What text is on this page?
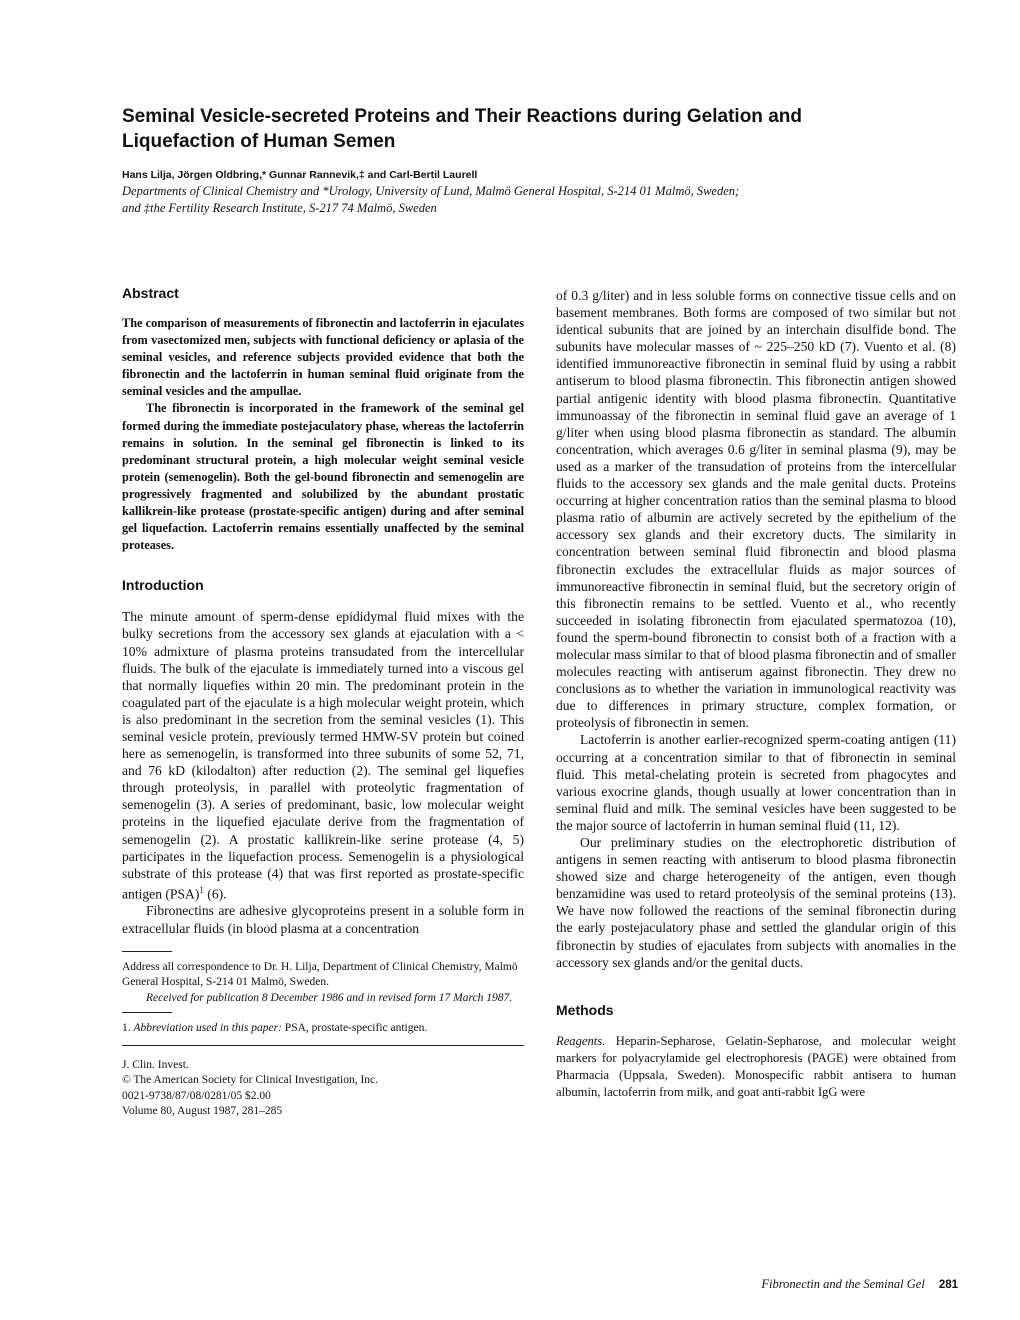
Seminal Vesicle-secreted Proteins and Their Reactions during Gelation and Liquefaction of Human Semen

Hans Lilja, Jörgen Oldbring,* Gunnar Rannevik,‡ and Carl-Bertil Laurell

Departments of Clinical Chemistry and *Urology, University of Lund, Malmö General Hospital, S-214 01 Malmö, Sweden;
and ‡the Fertility Research Institute, S-217 74 Malmö, Sweden

Abstract

The comparison of measurements of fibronectin and lactoferrin in ejaculates from vasectomized men, subjects with functional deficiency or aplasia of the seminal vesicles, and reference subjects provided evidence that both the fibronectin and the lactoferrin in human seminal fluid originate from the seminal vesicles and the ampullae.

The fibronectin is incorporated in the framework of the seminal gel formed during the immediate postejaculatory phase, whereas the lactoferrin remains in solution. In the seminal gel fibronectin is linked to its predominant structural protein, a high molecular weight seminal vesicle protein (semenogelin). Both the gel-bound fibronectin and semenogelin are progressively fragmented and solubilized by the abundant prostatic kallikrein-like protease (prostate-specific antigen) during and after seminal gel liquefaction. Lactoferrin remains essentially unaffected by the seminal proteases.

Introduction

The minute amount of sperm-dense epididymal fluid mixes with the bulky secretions from the accessory sex glands at ejaculation with a < 10% admixture of plasma proteins transudated from the intercellular fluids. The bulk of the ejaculate is immediately turned into a viscous gel that normally liquefies within 20 min. The predominant protein in the coagulated part of the ejaculate is a high molecular weight protein, which is also predominant in the secretion from the seminal vesicles (1). This seminal vesicle protein, previously termed HMW-SV protein but coined here as semenogelin, is transformed into three subunits of some 52, 71, and 76 kD (kilodalton) after reduction (2). The seminal gel liquefies through proteolysis, in parallel with proteolytic fragmentation of semenogelin (3). A series of predominant, basic, low molecular weight proteins in the liquefied ejaculate derive from the fragmentation of semenogelin (2). A prostatic kallikrein-like serine protease (4, 5) participates in the liquefaction process. Semenogelin is a physiological substrate of this protease (4) that was first reported as prostate-specific antigen (PSA)$^1$ (6).

Fibronectins are adhesive glycoproteins present in a soluble form in extracellular fluids (in blood plasma at a concentration

Address all correspondence to Dr. H. Lilja, Department of Clinical Chemistry, Malmö General Hospital, S-214 01 Malmö, Sweden.

Received for publication 8 December 1986 and in revised form 17 March 1987.

1. Abbreviation used in this paper: PSA, prostate-specific antigen.

J. Clin. Invest.

© The American Society for Clinical Investigation, Inc.

0021-9738/87/08/0281/05 $2.00

Volume 80, August 1987, 281–285

of 0.3 g/liter) and in less soluble forms on connective tissue cells and on basement membranes. Both forms are composed of two similar but not identical subunits that are joined by an interchain disulfide bond. The subunits have molecular masses of ~ 225–250 kD (7). Vuento et al. (8) identified immunoreactive fibronectin in seminal fluid by using a rabbit antiserum to blood plasma fibronectin. This fibronectin antigen showed partial antigenic identity with blood plasma fibronectin. Quantitative immunoassay of the fibronectin in seminal fluid gave an average of 1 g/liter when using blood plasma fibronectin as standard. The albumin concentration, which averages 0.6 g/liter in seminal plasma (9), may be used as a marker of the transudation of proteins from the intercellular fluids to the accessory sex glands and the male genital ducts. Proteins occurring at higher concentration ratios than the seminal plasma to blood plasma ratio of albumin are actively secreted by the epithelium of the accessory sex glands and their excretory ducts. The similarity in concentration between seminal fluid fibronectin and blood plasma fibronectin excludes the extracellular fluids as major sources of immunoreactive fibronectin in seminal fluid, but the secretory origin of this fibronectin remains to be settled. Vuento et al., who recently succeeded in isolating fibronectin from ejaculated spermatozoa (10), found the sperm-bound fibronectin to consist both of a fraction with a molecular mass similar to that of blood plasma fibronectin and of smaller molecules reacting with antiserum against fibronectin. They drew no conclusions as to whether the variation in immunological reactivity was due to differences in primary structure, complex formation, or proteolysis of fibronectin in semen.

Lactoferrin is another earlier-recognized sperm-coating antigen (11) occurring at a concentration similar to that of fibronectin in seminal fluid. This metal-chelating protein is secreted from phagocytes and various exocrine glands, though usually at lower concentration than in seminal fluid and milk. The seminal vesicles have been suggested to be the major source of lactoferrin in human seminal fluid (11, 12).

Our preliminary studies on the electrophoretic distribution of antigens in semen reacting with antiserum to blood plasma fibronectin showed size and charge heterogeneity of the antigen, even though benzamidine was used to retard proteolysis of the seminal proteins (13). We have now followed the reactions of the seminal fibronectin during the early postejaculatory phase and settled the glandular origin of this fibronectin by studies of ejaculates from subjects with anomalies in the accessory sex glands and/or the genital ducts.

Methods

Reagents. Heparin-Sepharose, Gelatin-Sepharose, and molecular weight markers for polyacrylamide gel electrophoresis (PAGE) were obtained from Pharmacia (Uppsala, Sweden). Monospecific rabbit antisera to human albumin, lactoferrin from milk, and goat anti-rabbit IgG were

Fibronectin and the Seminal Gel 281
